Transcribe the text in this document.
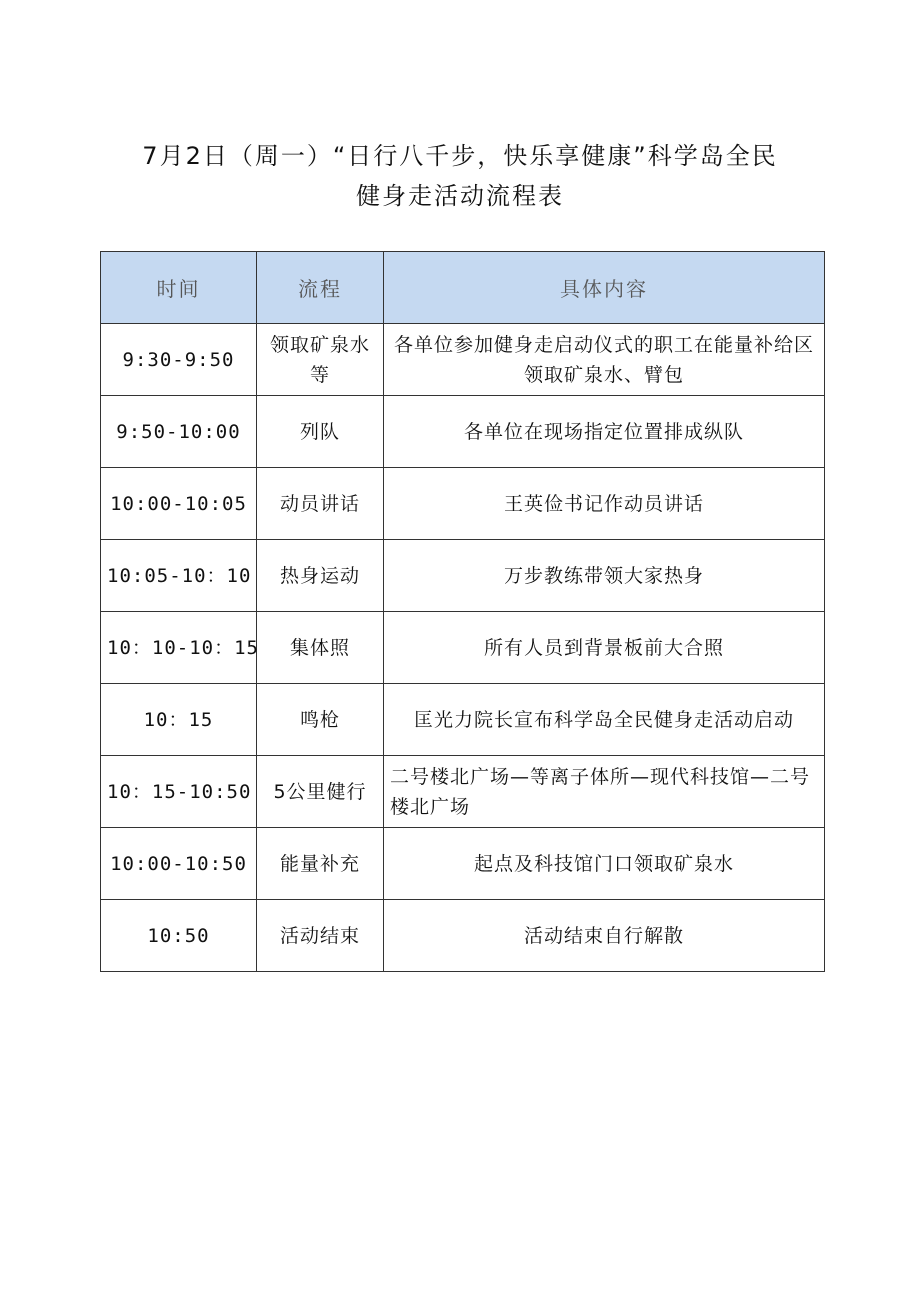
7月2日（周一）“日行八千步，快乐享健康”科学岛全民
健身走活动流程表
时间	流程	具体内容
9:30-9:50	领取矿泉水等	各单位参加健身走启动仪式的职工在能量补给区领取矿泉水、臂包
9:50-10:00	列队	各单位在现场指定位置排成纵队
10:00-10:05	动员讲话	王英俭书记作动员讲话
10:05-10：10	热身运动	万步教练带领大家热身
10：10-10：15	集体照	所有人员到背景板前大合照
10：15	鸣枪	匡光力院长宣布科学岛全民健身走活动启动
10：15-10:50	5公里健行	二号楼北广场—等离子体所—现代科技馆—二号楼北广场
10:00-10:50	能量补充	起点及科技馆门口领取矿泉水
10:50	活动结束	活动结束自行解散
